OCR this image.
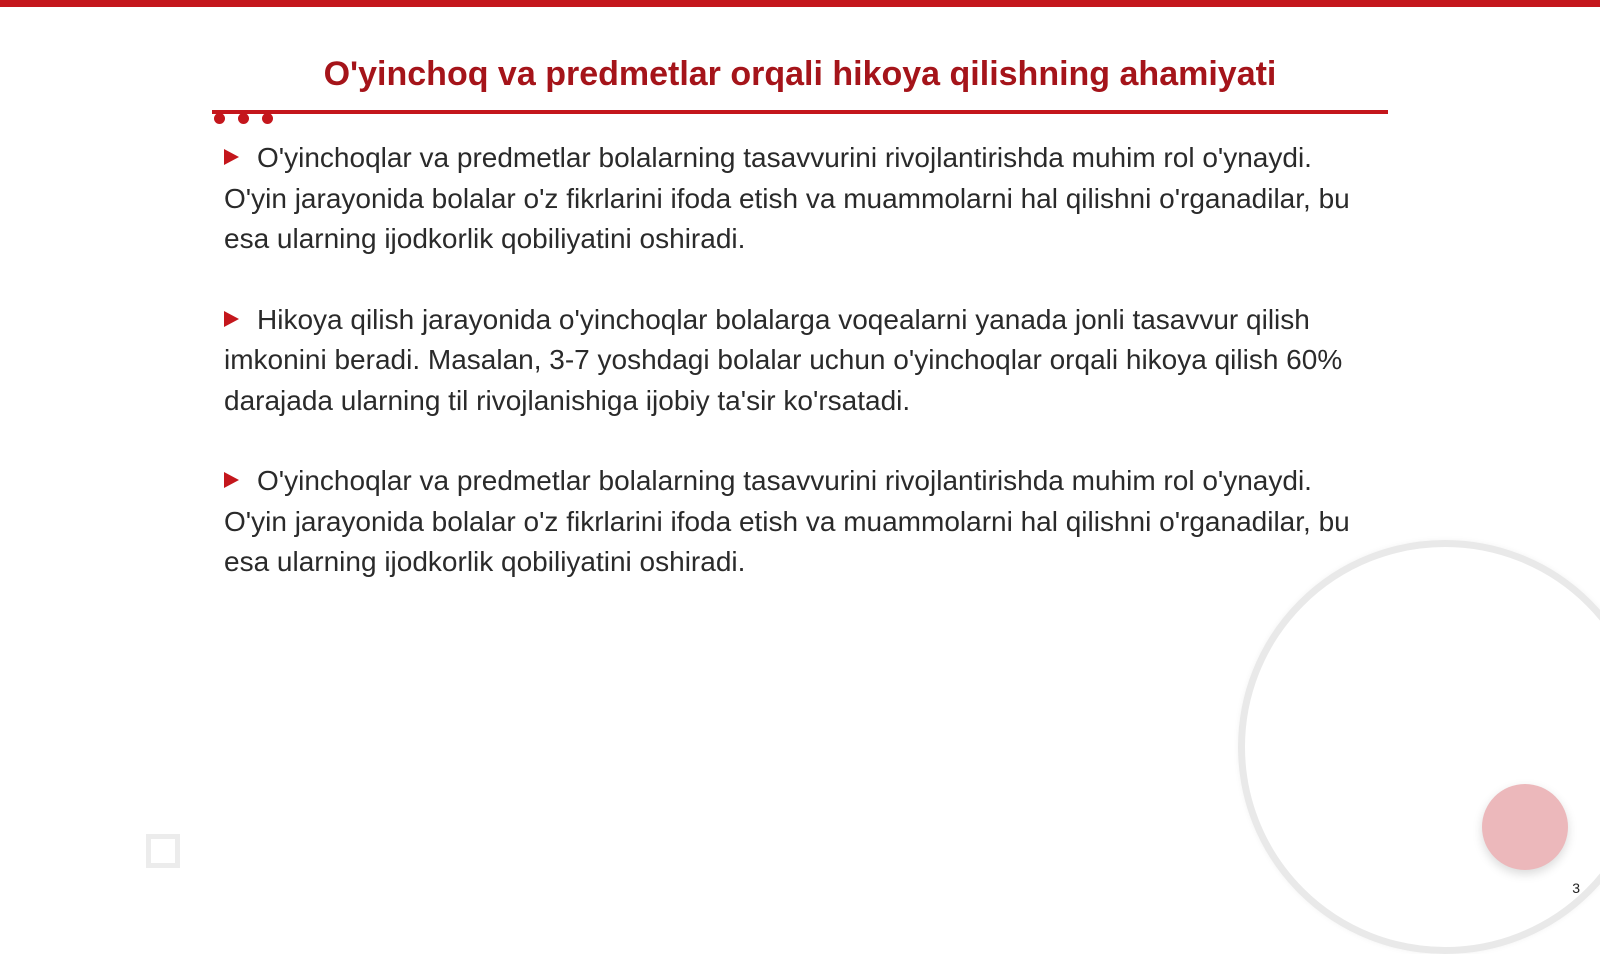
O'yinchoq va predmetlar orqali hikoya qilishning ahamiyati

O'yinchoqlar va predmetlar bolalarning tasavvurini rivojlantirishda muhim rol o'ynaydi. O'yin jarayonida bolalar o'z fikrlarini ifoda etish va muammolarni hal qilishni o'rganadilar, bu esa ularning ijodkorlik qobiliyatini oshiradi.

Hikoya qilish jarayonida o'yinchoqlar bolalarga voqealarni yanada jonli tasavvur qilish imkonini beradi. Masalan, 3-7 yoshdagi bolalar uchun o'yinchoqlar orqali hikoya qilish 60% darajada ularning til rivojlanishiga ijobiy ta'sir ko'rsatadi.

O'yinchoqlar va predmetlar bolalarning tasavvurini rivojlantirishda muhim rol o'ynaydi. O'yin jarayonida bolalar o'z fikrlarini ifoda etish va muammolarni hal qilishni o'rganadilar, bu esa ularning ijodkorlik qobiliyatini oshiradi.

3
